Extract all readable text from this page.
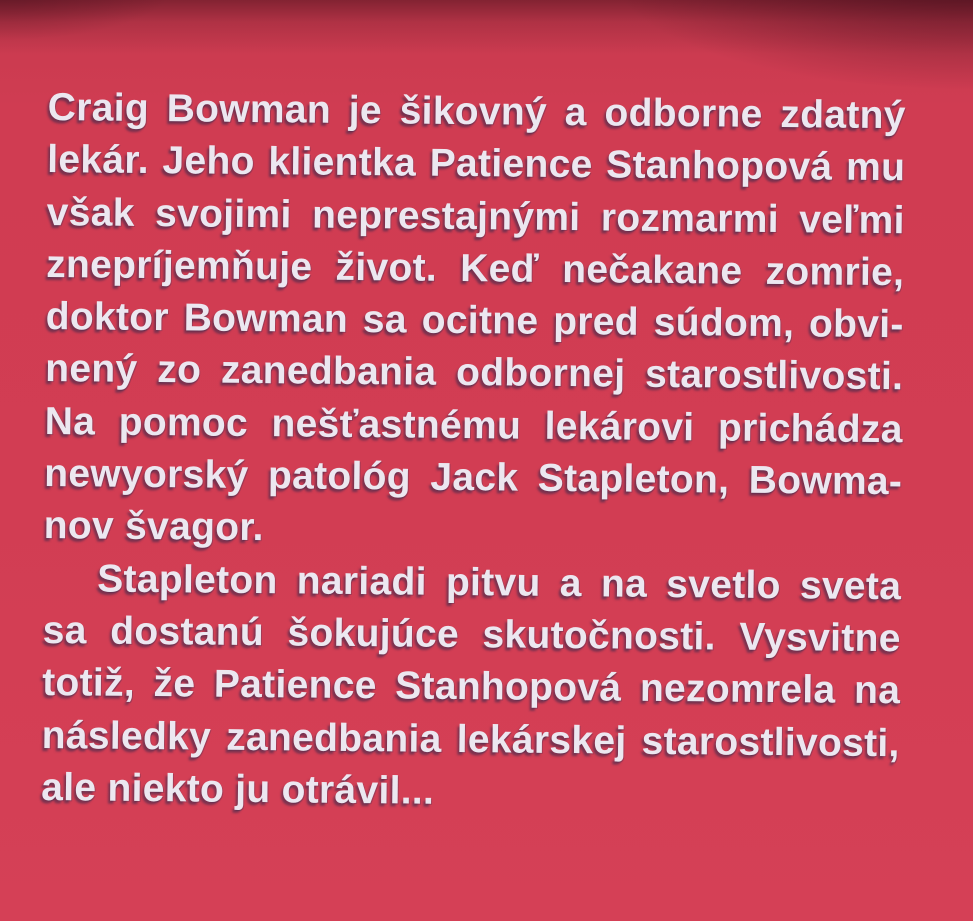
Craig Bowman je šikovný a odborne zdatný
lekár. Jeho klientka Patience Stanhopová mu
však svojimi neprestajnými rozmarmi veľmi
znepríjemňuje život. Keď nečakane zomrie,
doktor Bowman sa ocitne pred súdom, obvi-
nený zo zanedbania odbornej starostlivosti.
Na pomoc nešťastnému lekárovi prichádza
newyorský patológ Jack Stapleton, Bowma-
nov švagor.
Stapleton nariadi pitvu a na svetlo sveta
sa dostanú šokujúce skutočnosti. Vysvitne
totiž, že Patience Stanhopová nezomrela na
následky zanedbania lekárskej starostlivosti,
ale niekto ju otrávil...
